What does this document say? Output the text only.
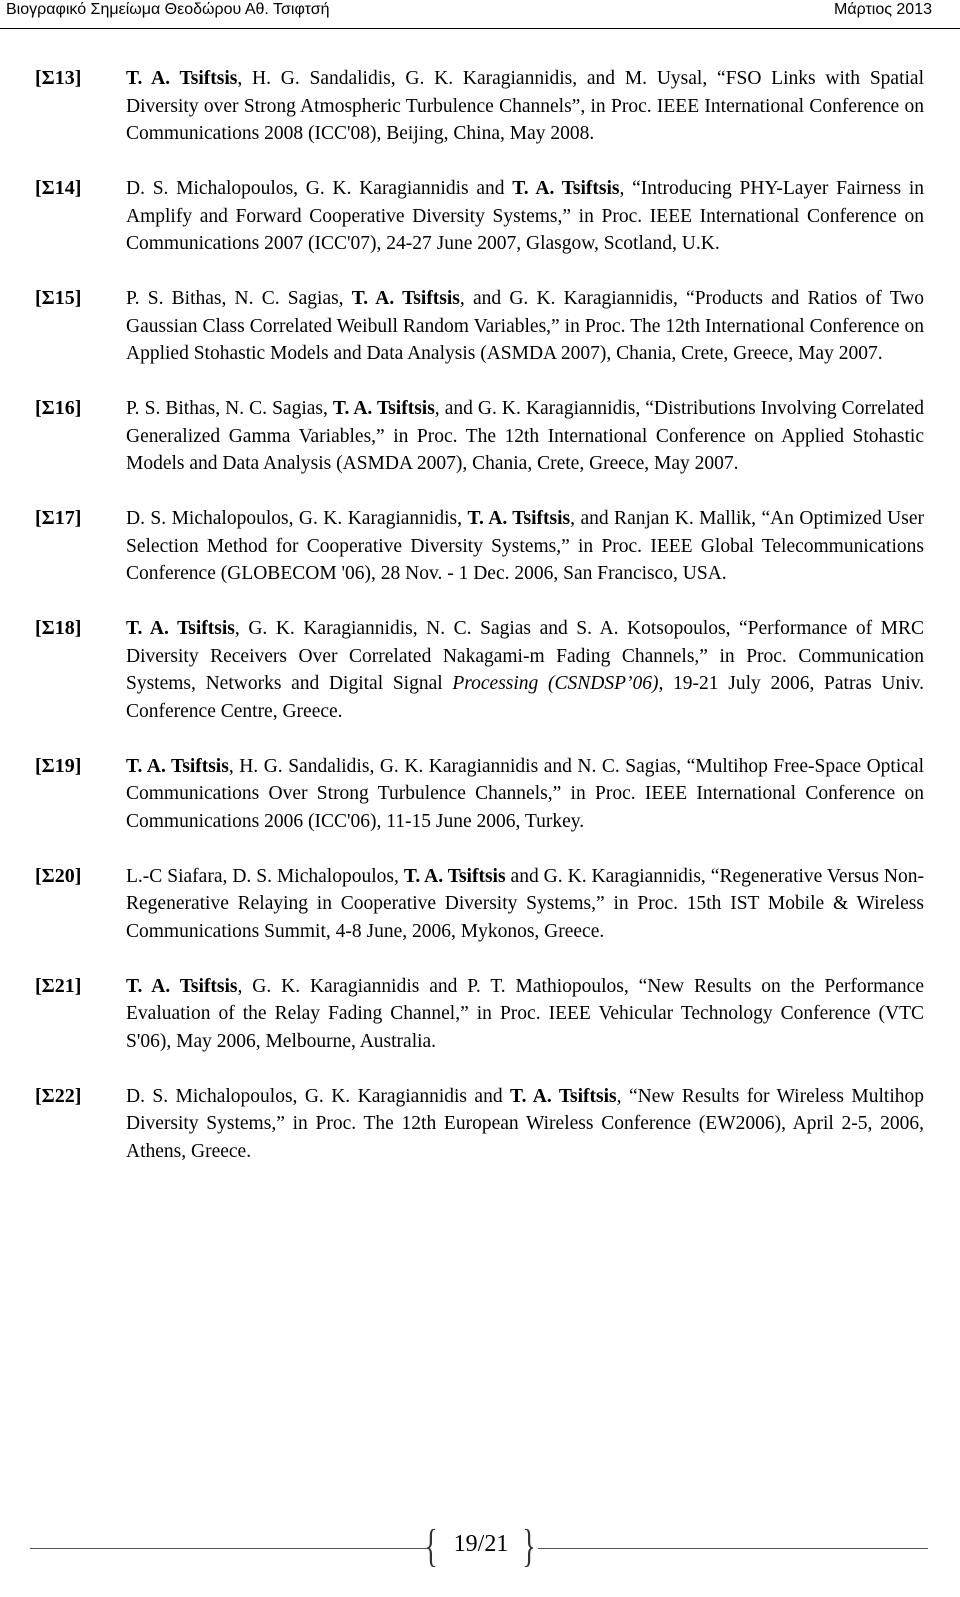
Βιογραφικό Σημείωμα Θεοδώρου Αθ. Τσιφτσή	Μάρτιος 2013
[Σ13] T. A. Tsiftsis, H. G. Sandalidis, G. K. Karagiannidis, and M. Uysal, “FSO Links with Spatial Diversity over Strong Atmospheric Turbulence Channels”, in Proc. IEEE International Conference on Communications 2008 (ICC'08), Beijing, China, May 2008.
[Σ14] D. S. Michalopoulos, G. K. Karagiannidis and T. A. Tsiftsis, “Introducing PHY-Layer Fairness in Amplify and Forward Cooperative Diversity Systems,” in Proc. IEEE International Conference on Communications 2007 (ICC'07), 24-27 June 2007, Glasgow, Scotland, U.K.
[Σ15] P. S. Bithas, N. C. Sagias, T. A. Tsiftsis, and G. K. Karagiannidis, “Products and Ratios of Two Gaussian Class Correlated Weibull Random Variables,” in Proc. The 12th International Conference on Applied Stohastic Models and Data Analysis (ASMDA 2007), Chania, Crete, Greece, May 2007.
[Σ16] P. S. Bithas, N. C. Sagias, T. A. Tsiftsis, and G. K. Karagiannidis, “Distributions Involving Correlated Generalized Gamma Variables,” in Proc. The 12th International Conference on Applied Stohastic Models and Data Analysis (ASMDA 2007), Chania, Crete, Greece, May 2007.
[Σ17] D. S. Michalopoulos, G. K. Karagiannidis, T. A. Tsiftsis, and Ranjan K. Mallik, “An Optimized User Selection Method for Cooperative Diversity Systems,” in Proc. IEEE Global Telecommunications Conference (GLOBECOM '06), 28 Nov. - 1 Dec. 2006, San Francisco, USA.
[Σ18] T. A. Tsiftsis, G. K. Karagiannidis, N. C. Sagias and S. A. Kotsopoulos, “Performance of MRC Diversity Receivers Over Correlated Nakagami-m Fading Channels,” in Proc. Communication Systems, Networks and Digital Signal Processing (CSNDSP’06), 19-21 July 2006, Patras Univ. Conference Centre, Greece.
[Σ19] T. A. Tsiftsis, H. G. Sandalidis, G. K. Karagiannidis and N. C. Sagias, “Multihop Free-Space Optical Communications Over Strong Turbulence Channels,” in Proc. IEEE International Conference on Communications 2006 (ICC'06), 11-15 June 2006, Turkey.
[Σ20] L.-C Siafara, D. S. Michalopoulos, T. A. Tsiftsis and G. K. Karagiannidis, “Regenerative Versus Non-Regenerative Relaying in Cooperative Diversity Systems,” in Proc. 15th IST Mobile & Wireless Communications Summit, 4-8 June, 2006, Mykonos, Greece.
[Σ21] T. A. Tsiftsis, G. K. Karagiannidis and P. T. Mathiopoulos, “New Results on the Performance Evaluation of the Relay Fading Channel,” in Proc. IEEE Vehicular Technology Conference (VTC S'06), May 2006, Melbourne, Australia.
[Σ22] D. S. Michalopoulos, G. K. Karagiannidis and T. A. Tsiftsis, “New Results for Wireless Multihop Diversity Systems,” in Proc. The 12th European Wireless Conference (EW2006), April 2-5, 2006, Athens, Greece.
{ 19/21 }
